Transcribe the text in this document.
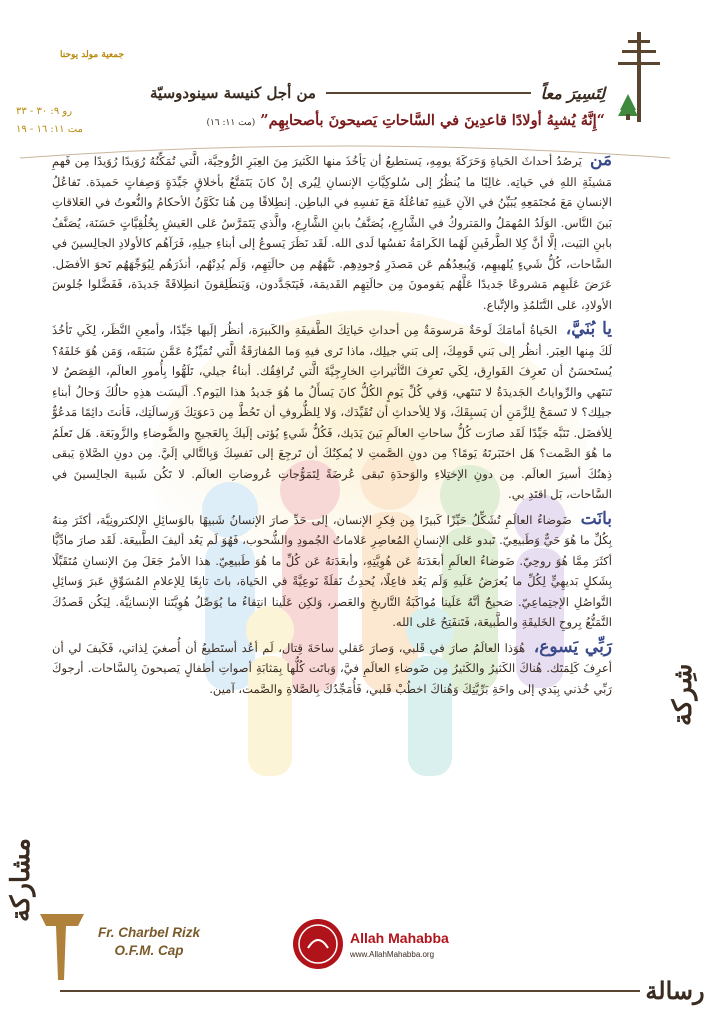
جمعية مولد يوحنا
من أجل كنيسة سينودوسيّة	لِتَسِيرَ معاً
رو ٩: ٣٠ - ٣٣
مت ١١: ١٦ - ١٩
“إِنَّهُ يُشبِهُ أولادًا قاعدِينَ في السَّاحاتِ يَصيحونَ بأصحابِهِم” (مت ١١: ١٦)

مَن يَرصُدُ أحداثَ الحَياةِ وَحَرَكَةَ يومِهِ، يَستطيعُ أن يَأخُذَ منها الكَثيرَ مِنَ العِبَرِ الرُّوحِيَّة، الَّتي تُمَكِّنُهُ رُوَيدًا رُوَيدًا مِن فَهمِ مَشيئَةِ اللهِ في حَياتِه. غالِبًا ما يُنظُرُ إلى سُلوكِيَّاتِ الإنسانِ لِيُرى إنْ كانَ يَتَمَتَّعُ بأخلاقٍ جَيِّدَةٍ وَصِفاتٍ حَميدَة. تَفاعُلُ الإنسانِ مَعَ مُجتَمَعِهِ يُبَيِّنُ في الآنِ عَينِهِ تَفاعُلَهُ مَعَ نَفسِهِ في الباطِن. إنطِلاقًا مِن هُنا تَكَوَّنُ الأحكامُ والنُّعوتُ في العَلاقاتِ بَينَ النَّاس. الوَلَدُ المُهمَلُ والمَتروكُ في الشَّارِعِ، يُصَنَّفُ بابنِ الشَّارِعِ، والَّذي يَتَمَرَّسُ عَلى العَيشِ بِخُلُقِيَّاتٍ حَسَنَة، يُصَنَّفُ بابنِ البَيت، إلَّا أنَّ كِلا الطَّرفَينِ لَهُما الكَرامَةُ نَفسُها لَدى الله. لَقَد نَظَرَ يَسوعُ إلى أبناءِ جيلِهِ، فَرَآهُم كالأولادِ الجالِسينَ في السَّاحات، كُلُّ شَيءٍ يُلهيهِم، وَيُبعِدُهُم عَن مَصدَرِ وُجودِهِم. نَبَّهَهُم مِن حالَتِهِم، وَلَم يُدِنْهُم، أنذَرَهُم لِيُوَجِّهَهُم نَحوَ الأفضَل. عَرَضَ عَلَيهِم مَشروعًا جَديدًا عَلَّهُم يَقومونَ مِن حالَتِهِم القَديمَة، فَيَتَجَدَّدون، وَيَنطَلِقونَ انطِلاقَةً جَديدَة، فَفَضَّلوا جُلوسَ الأولادِ، عَلى التَّتَلمُذِ والإتِّباع.

يا بُنَيَّ، الحَياةُ أمامَكَ لَوحَةٌ مَرسومَةٌ مِن أحداثِ حَياتِكَ الطَّفيفَةِ والكَبيرَة، أنظُر إلَيها جَيِّدًا، وأمعِنِ النَّظَر، لِكَي تَأخُذَ لَكَ مِنها العِبَر. أنظُر إلى بَني قَومِكَ، إلى بَني جيلِك، ماذا تَرى فيهِ وَما المُفارَقَةُ الَّتي تُمَيِّزُهُ عَمَّن سَبَقَه، وَمَن هُوَ خَلفَهُ؟ يُستَحسَنُ أن تَعرِفَ الفَوارِق، لِكَي تَعرِفَ التَّأثيراتِ الخارِجِيَّةَ الَّتي تُرافِقُك. أبناءُ جيلي، تَلَهُّوا بِأُمورِ العالَم، القِصَصُ لا تَنتَهي والرِّواياتُ الجَديدَةُ لا تَنتَهي، وَفي كُلِّ يَومٍ الكُلُّ كانَ يَسأَلُ ما هُوَ جَديدُ هذا اليَوم؟. ألَيسَت هذِهِ حالُكَ وَحالُ أبناءِ جيلِك؟ لا تَسمَحْ لِلزَّمَنِ أن يَسبِقَكَ، وَلا لِلأحداثِ أن تُقَيِّدَك، وَلا لِلظُّروفِ أن تَحُطَّ مِن دَعوَتِكَ وَرِسالَتِك، فَأنتَ دائِمًا مَدعُوٌّ لِلأفضَل. تَنَبَّه جَيِّدًا لَقَد صارَت كُلُّ ساحاتِ العالَمِ بَينَ يَدَيك، فَكُلُّ شَيءٍ يُؤتى إلَيكَ بِالعَجيجِ والضَّوضاءِ والزَّوبَعَة. هَل تَعلَمُ ما هُوَ الصَّمت؟ هَل اختَبَرتَهُ يَومًا؟ مِن دونِ الصَّمتِ لا يُمكِنُكَ أن تَرجِعَ إلى نَفسِكَ وَبِالتَّالي إلَيَّ. مِن دونِ الصَّلاةِ يَبقى ذِهنُكَ أسيرَ العالَم. مِن دونِ الإختِلاءِ والوَحدَةِ تَبقى عُرضَةً لِتَمَوُّجاتِ عُروضاتِ العالَم. لا تَكُن شَبيهَ الجالِسينَ في السَّاحات، بَل اقتَدِ بي.

بانَت ضَوضاءُ العالَمِ تُشَكِّلُ حَيِّزًا كَبيرًا مِن فِكرِ الإنسان، إلى حَدِّ صارَ الإنسانُ شَبيهًا بالوَسائِلِ الإلكترونِيَّة، أكثَرَ مِنهُ بِكُلِّ ما هُوَ حَيٌّ وَطَبيعِيّ. تَبدو عَلى الإنسانِ المُعاصِرِ عَلاماتُ الجُمودِ والشُّحوب، فَهُوَ لَم يَعُد أليفَ الطَّبيعَة. لَقَد صارَ مادِّيًّا أكثَرَ مِمَّا هُوَ روحِيّ. ضَوضاءُ العالَمِ أبعَدَتهُ عَن هُوِيَّتِهِ، وأبعَدَتهُ عَن كُلِّ ما هُوَ طَبيعِيّ. هذا الأمرُ جَعَلَ مِنَ الإنسانِ مُتَقَبِّلًا بِشَكلٍ بَديهِيٍّ لِكُلِّ ما يُعرَضُ عَلَيهِ وَلَم يَعُد فاعِلًا، يُحدِثُ نَقلَةً نَوعِيَّةً في الحَياة، باتَ تابِعًا لِلإعلامِ المُسَوِّقِ عَبرَ وَسائِلِ التَّواصُلِ الإجتِماعِيّ. صَحيحٌ أنَّهُ عَلَينا مُواكَبَةُ التَّاريخِ والعَصر، وَلكِن عَلَينا انتِقاءُ ما يُوَصِّلُ هُوِيَّتَنا الإنسانِيَّة. لِيَكُن قَصدُكَ التَّمَتُّعُ بِروحِ الخَليقَةِ والطَّبيعَة، فَتَنفَتِحُ عَلى الله.

رَبِّي يَسوع، هُوَذا العالَمُ صارَ في قَلبي، وَصارَ عَقلي ساحَةَ قِتال، لَم أعُد أستَطيعُ أن أُصغيَ لِذاتي، فَكَيفَ لي أن أعرِفَ كَلِمَتَك. هُناكَ الكَثيرُ والكَثيرُ مِن ضَوضاءِ العالَمِ فيَّ، وَباتَت كُلُّها بِمَثابَةِ أصواتِ أطفالٍ يَصيحونَ بِالسَّاحات. أرجوكَ رَبِّي خُذني بِيَدي إلى واحَةِ بَرِّيَّتِكَ وَهُناكَ اخطُبْ قَلبي، فَأُمَجِّدُكَ بِالصَّلاةِ والصَّمت، آمين. شِركة
مشاركة
Fr. Charbel Rizk
O.F.M. Cap
Allah Mahabba
www.AllahMahabba.org
رسالة
